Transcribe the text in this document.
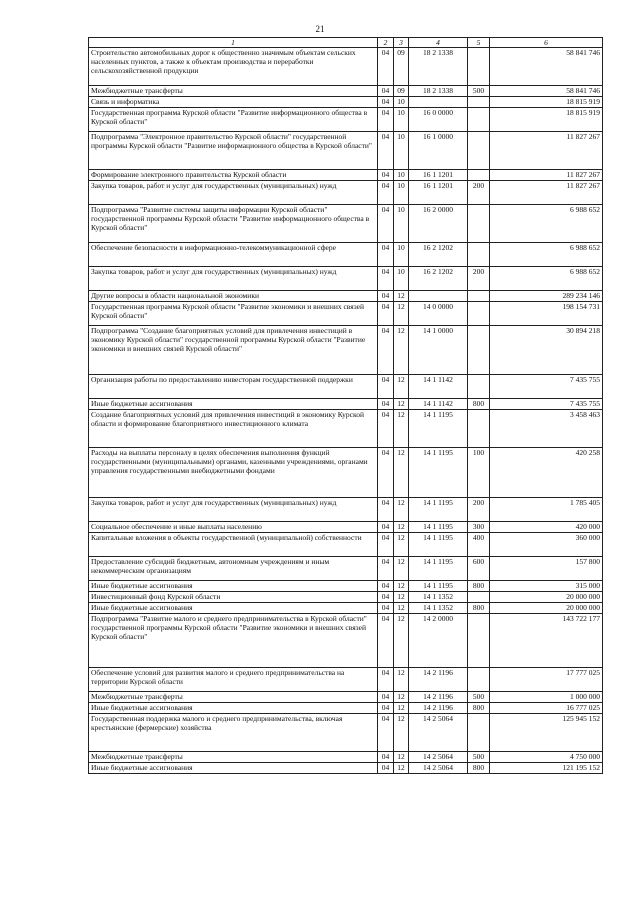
21
1	2	3	4	5	6
Строительство автомобильных дорог к общественно значимым объектам сельских населенных пунктов, а также к объектам производства и переработки сельскохозяйственной продукции	04	09	18 2 1338		58 841 746
Межбюджетные трансферты	04	09	18 2 1338	500	58 841 746
Связь и информатика	04	10			18 815 919
Государственная программа Курской области "Развитие информационного общества в Курской области"	04	10	16 0 0000		18 815 919
Подпрограмма "Электронное правительство Курской области" государственной программы Курской области "Развитие информационного общества в Курской области"	04	10	16 1 0000		11 827 267
Формирование электронного правительства Курской области	04	10	16 1 1201		11 827 267
Закупка товаров, работ и услуг для государственных (муниципальных) нужд	04	10	16 1 1201	200	11 827 267
Подпрограмма "Развитие системы защиты информации Курской области" государственной программы Курской области "Развитие информационного общества в Курской области"	04	10	16 2 0000		6 988 652
Обеспечение безопасности в информационно-телекоммуникационной сфере	04	10	16 2 1202		6 988 652
Закупка товаров, работ и услуг для государственных (муниципальных) нужд	04	10	16 2 1202	200	6 988 652
Другие вопросы в области национальной экономики	04	12			289 234 146
Государственная программа Курской области "Развитие экономики и внешних связей Курской области"	04	12	14 0 0000		198 154 731
Подпрограмма "Создание благоприятных условий для привлечения инвестиций в экономику Курской области" государственной программы Курской области "Развитие экономики и внешних связей Курской области"	04	12	14 1 0000		30 894 218
Организация работы по предоставлению инвесторам государственной поддержки	04	12	14 1 1142		7 435 755
Иные бюджетные ассигнования	04	12	14 1 1142	800	7 435 755
Создание благоприятных условий для привлечения инвестиций в экономику Курской области и формирование благоприятного инвестиционного климата	04	12	14 1 1195		3 458 463
Расходы на выплаты персоналу в целях обеспечения выполнения функций государственными (муниципальными) органами, казенными учреждениями, органами управления государственными внебюджетными фондами	04	12	14 1 1195	100	420 258
Закупка товаров, работ и услуг для государственных (муниципальных) нужд	04	12	14 1 1195	200	1 785 405
Социальное обеспечение и иные выплаты населению	04	12	14 1 1195	300	420 000
Капитальные вложения в объекты государственной (муниципальной) собственности	04	12	14 1 1195	400	360 000
Предоставление субсидий бюджетным, автономным учреждениям и иным некоммерческим организациям	04	12	14 1 1195	600	157 800
Иные бюджетные ассигнования	04	12	14 1 1195	800	315 000
Инвестиционный фонд Курской области	04	12	14 1 1352		20 000 000
Иные бюджетные ассигнования	04	12	14 1 1352	800	20 000 000
Подпрограмма "Развитие малого и среднего предпринимательства в Курской области" государственной программы Курской области "Развитие экономики и внешних связей Курской области"	04	12	14 2 0000		143 722 177
Обеспечение условий для развития малого и среднего предпринимательства на территории Курской области	04	12	14 2 1196		17 777 025
Межбюджетные трансферты	04	12	14 2 1196	500	1 000 000
Иные бюджетные ассигнования	04	12	14 2 1196	800	16 777 025
Государственная поддержка малого и среднего предпринимательства, включая крестьянские (фермерские) хозяйства	04	12	14 2 5064		125 945 152
Межбюджетные трансферты	04	12	14 2 5064	500	4 750 000
Иные бюджетные ассигнования	04	12	14 2 5064	800	121 195 152
